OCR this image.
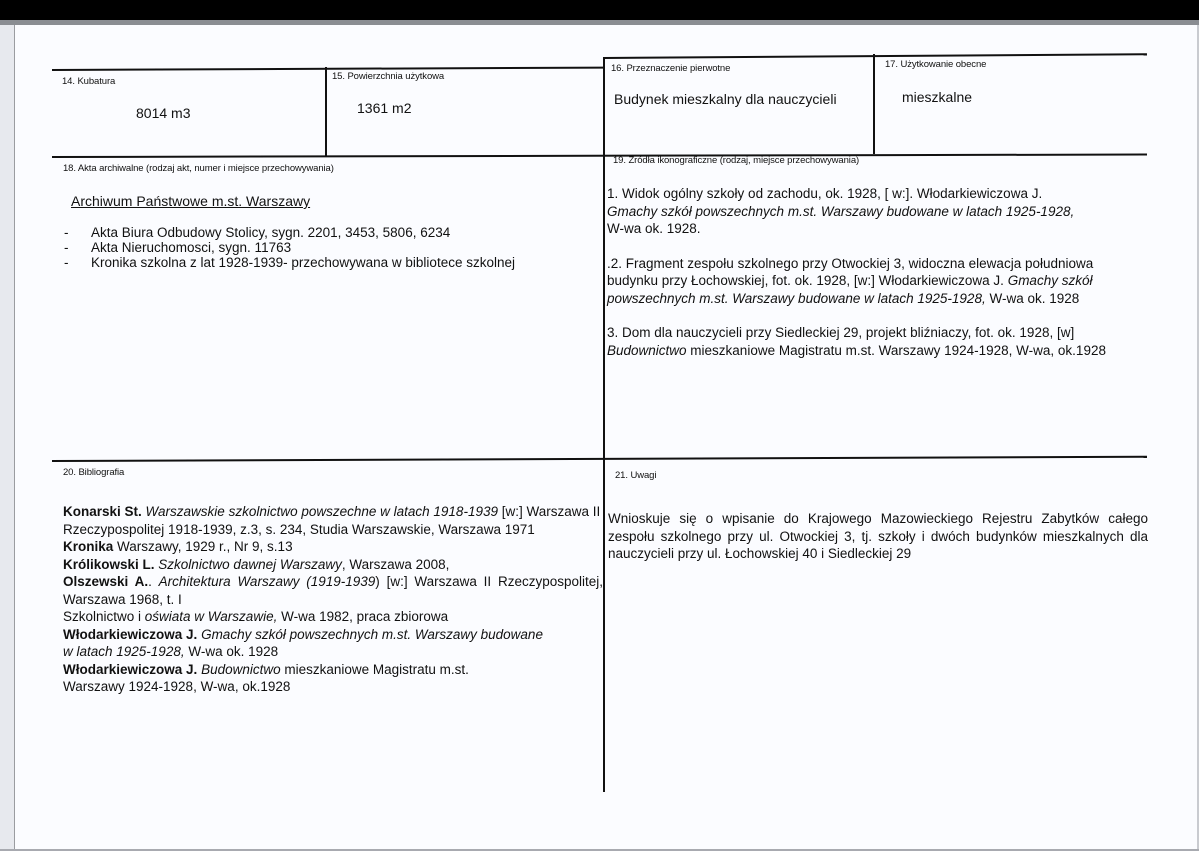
14. Kubatura
8014 m3
15. Powierzchnia użytkowa
1361 m2
16. Przeznaczenie pierwotne
Budynek mieszkalny dla nauczycieli
17. Użytkowanie obecne
mieszkalne
18. Akta archiwalne (rodzaj akt, numer i miejsce przechowywania)
Archiwum Państwowe m.st. Warszawy
- Akta Biura Odbudowy Stolicy, sygn. 2201, 3453, 5806, 6234
- Akta Nieruchomosci, sygn. 11763
- Kronika szkolna z lat 1928-1939- przechowywana w bibliotece szkolnej
19. Źródła ikonograficzne (rodzaj, miejsce przechowywania)

1. Widok ogólny szkoły od zachodu, ok. 1928, [ w:]. Włodarkiewiczowa J.
Gmachy szkół powszechnych m.st. Warszawy budowane w latach 1925-1928,
W-wa ok. 1928.

.2. Fragment zespołu szkolnego przy Otwockiej 3, widoczna elewacja południowa budynku przy Łochowskiej, fot. ok. 1928, [w:] Włodarkiewiczowa J. Gmachy szkół powszechnych m.st. Warszawy budowane w latach 1925-1928, W-wa ok. 1928

3. Dom dla nauczycieli przy Siedleckiej 29, projekt bliźniaczy, fot. ok. 1928, [w] Budownictwo mieszkaniowe Magistratu m.st. Warszawy 1924-1928, W-wa, ok.1928

20. Bibliografia

Konarski St. Warszawskie szkolnictwo powszechne w latach 1918-1939 [w:] Warszawa II Rzeczypospolitej 1918-1939, z.3, s. 234, Studia Warszawskie, Warszawa 1971

Kronika Warszawy, 1929 r., Nr 9, s.13

Królikowski L. Szkolnictwo dawnej Warszawy, Warszawa 2008,

Olszewski A.. Architektura Warszawy (1919-1939) [w:] Warszawa II Rzeczypospolitej, Warszawa 1968, t. I

Szkolnictwo i oświata w Warszawie, W-wa 1982, praca zbiorowa

Włodarkiewiczowa J. Gmachy szkół powszechnych m.st. Warszawy budowane w latach 1925-1928, W-wa ok. 1928

Włodarkiewiczowa J. Budownictwo mieszkaniowe Magistratu m.st. Warszawy 1924-1928, W-wa, ok.1928

21. Uwagi
Wnioskuje się o wpisanie do Krajowego Mazowieckiego Rejestru Zabytków całego zespołu szkolnego przy ul. Otwockiej 3, tj. szkoły i dwóch budynków mieszkalnych dla nauczycieli przy ul. Łochowskiej 40 i Siedleckiej 29
